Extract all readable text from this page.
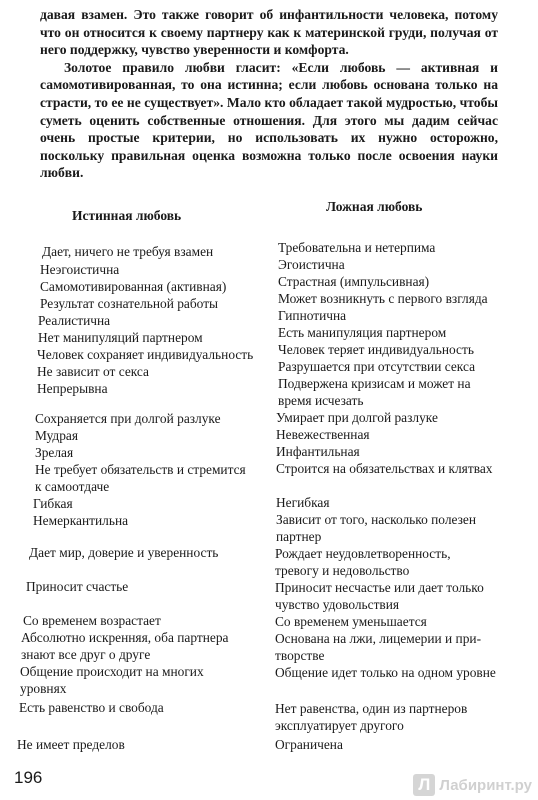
давая взамен. Это также говорит об инфантильности человека, потому что он относится к своему партнеру как к материнской груди, получая от него поддержку, чувство уверенности и комфорта.

Золотое правило любви гласит: «Если любовь — активная и самомотивированная, то она истинна; если любовь основана только на страсти, то ее не существует». Мало кто обладает такой мудростью, чтобы суметь оценить собственные отношения. Для этого мы дадим сейчас очень простые критерии, но использовать их нужно осторожно, поскольку правильная оценка возможна только после освоения науки любви.

Истинная любовь
Ложная любовь
Дает, ничего не требуя взамен
Неэгоистична
Самомотивированная (активная)
Результат сознательной работы
Реалистична
Нет манипуляций партнером
Человек сохраняет индивидуальность
Не зависит от секса
Непрерывна
Сохраняется при долгой разлуке
Мудрая
Зрелая
Не требует обязательств и стремится
к самоотдаче
Гибкая
Немеркантильна
Дает мир, доверие и уверенность
Приносит счастье
Со временем возрастает
Абсолютно искренняя, оба партнера
знают все друг о друге
Общение происходит на многих
уровнях
Есть равенство и свобода
Не имеет пределов
Требовательна и нетерпима
Эгоистична
Страстная (импульсивная)
Может возникнуть с первого взгляда
Гипнотична
Есть манипуляция партнером
Человек теряет индивидуальность
Разрушается при отсутствии секса
Подвержена кризисам и может на
время исчезать
Умирает при долгой разлуке
Невежественная
Инфантильная
Строится на обязательствах и клятвах
Негибкая
Зависит от того, насколько полезен
партнер
Рождает неудовлетворенность,
тревогу и недовольство
Приносит несчастье или дает только
чувство удовольствия
Со временем уменьшается
Основана на лжи, лицемерии и при-
творстве
Общение идет только на одном уровне
Нет равенства, один из партнеров
эксплуатирует другого
Ограничена
196	Л Лабиринт.ру
